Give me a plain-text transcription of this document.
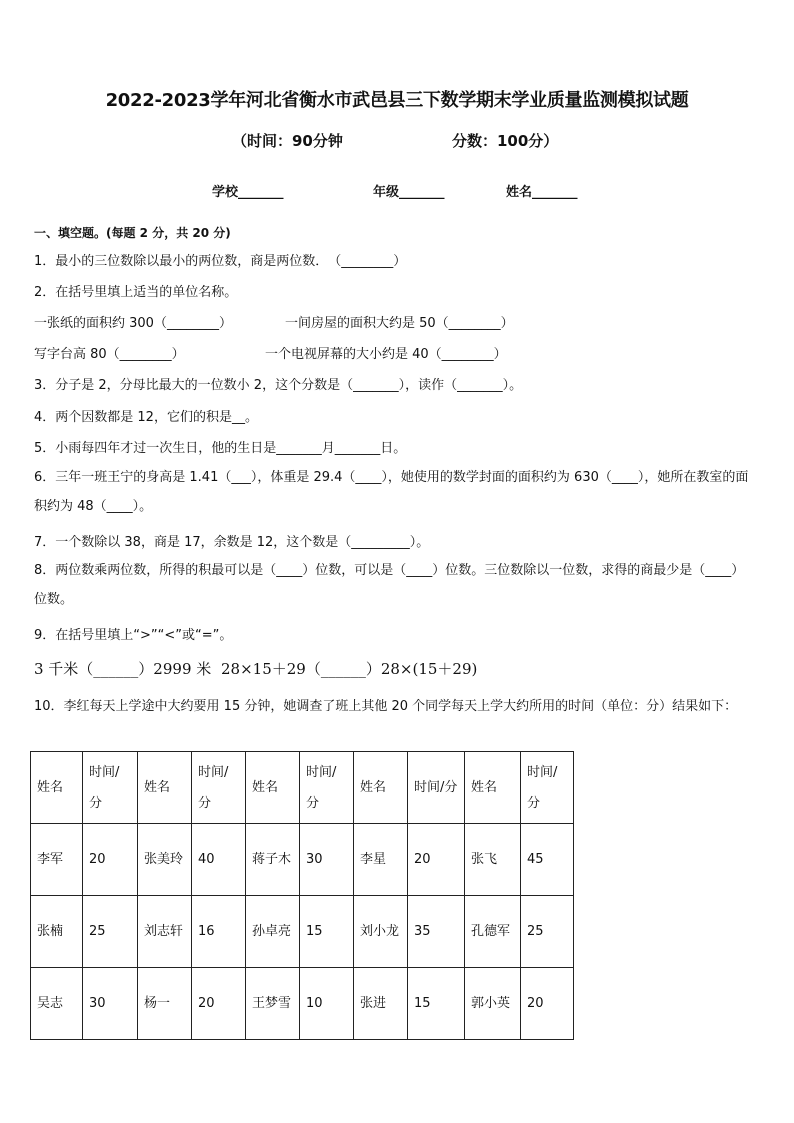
2022-2023学年河北省衡水市武邑县三下数学期末学业质量监测模拟试题
（时间：90分钟	分数：100分）
学校_______	年级_______	姓名_______
一、填空题。(每题 2 分，共 20 分)
1．最小的三位数除以最小的两位数，商是两位数．　（________）
2．在括号里填上适当的单位名称。
一张纸的面积约 300（________）	一间房屋的面积大约是 50（________）
写字台高 80（________）	一个电视屏幕的大小约是 40（________）
3．分子是 2，分母比最大的一位数小 2，这个分数是（_______），读作（_______）。
4．两个因数都是 12，它们的积是__。
5．小雨每四年才过一次生日，他的生日是_______月_______日。
6．三年一班王宁的身高是 1.41（___），体重是 29.4（____），她使用的数学封面的面积约为 630（____），她所在教室的面积约为 48（____）。
7．一个数除以 38，商是 17，余数是 12，这个数是（_________）。
8．两位数乘两位数，所得的积最可以是（____）位数，可以是（____）位数。三位数除以一位数，求得的商最少是（____）位数。
9．在括号里填上“>”“<”或“=”。
3 千米（______）2999 米 28×15＋29（______）28×(15＋29)
10．李红每天上学途中大约要用 15 分钟，她调查了班上其他 20 个同学每天上学大约所用的时间（单位：分）结果如下：
姓名	时间/分	姓名	时间/分	姓名	时间/分	姓名	时间/分	姓名	时间/分
李军	20	张美玲	40	蒋子木	30	李星	20	张飞	45
张楠	25	刘志轩	16	孙卓亮	15	刘小龙	35	孔德军	25
吴志	30	杨一	20	王梦雪	10	张进	15	郭小英	20
